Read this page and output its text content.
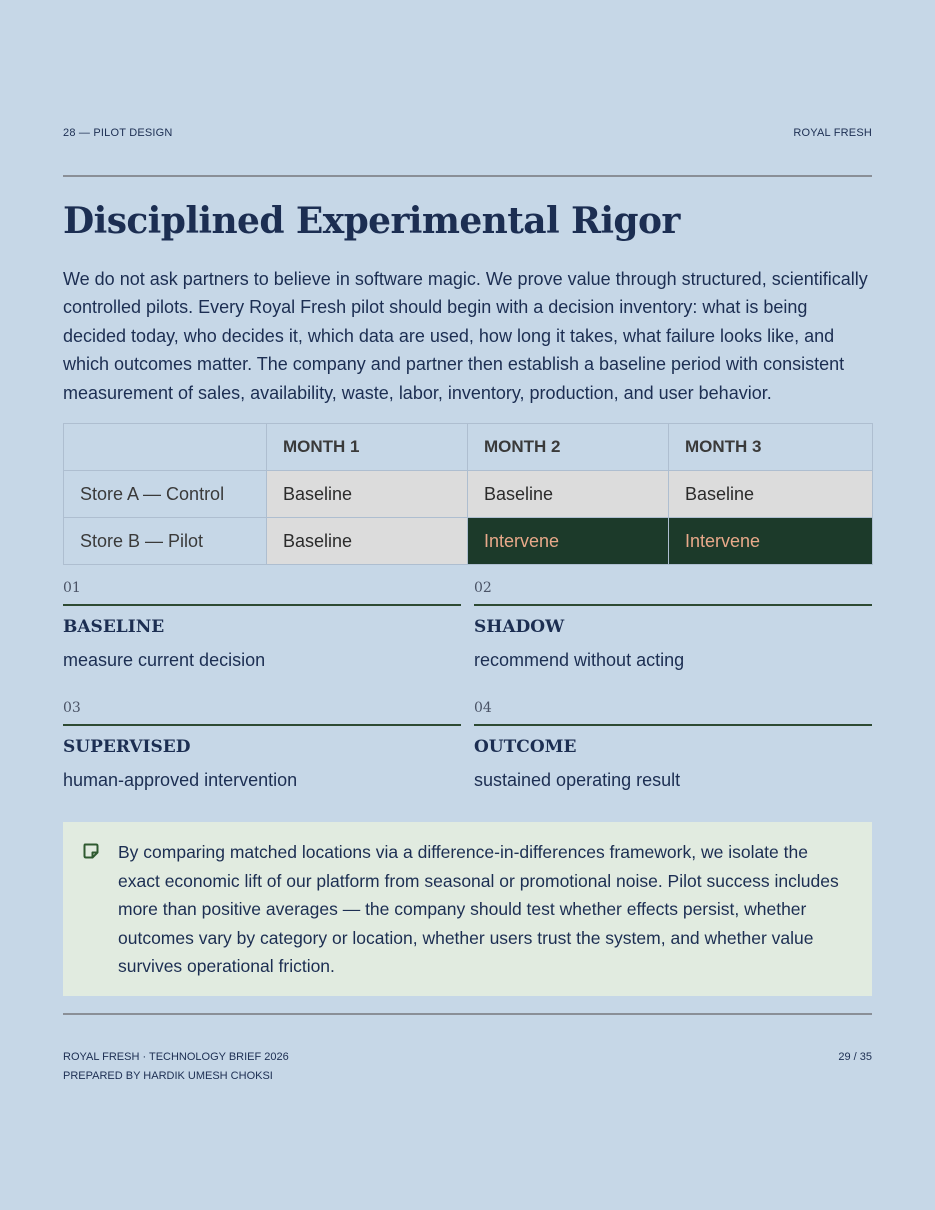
28 — PILOT DESIGN	ROYAL FRESH
Disciplined Experimental Rigor

We do not ask partners to believe in software magic. We prove value through structured, scientifically controlled pilots. Every Royal Fresh pilot should begin with a decision inventory: what is being decided today, who decides it, which data are used, how long it takes, what failure looks like, and which outcomes matter. The company and partner then establish a baseline period with consistent measurement of sales, availability, waste, labor, inventory, production, and user behavior.

	MONTH 1	MONTH 2	MONTH 3
Store A — Control	Baseline	Baseline	Baseline
Store B — Pilot	Baseline	Intervene	Intervene
01
BASELINE
measure current decision
02
SHADOW
recommend without acting
03
SUPERVISED
human-approved intervention
04
OUTCOME
sustained operating result

By comparing matched locations via a difference-in-differences framework, we isolate the exact economic lift of our platform from seasonal or promotional noise. Pilot success includes more than positive averages — the company should test whether effects persist, whether outcomes vary by category or location, whether users trust the system, and whether value survives operational friction.

ROYAL FRESH · TECHNOLOGY BRIEF 2026
PREPARED BY HARDIK UMESH CHOKSI
29 / 35
